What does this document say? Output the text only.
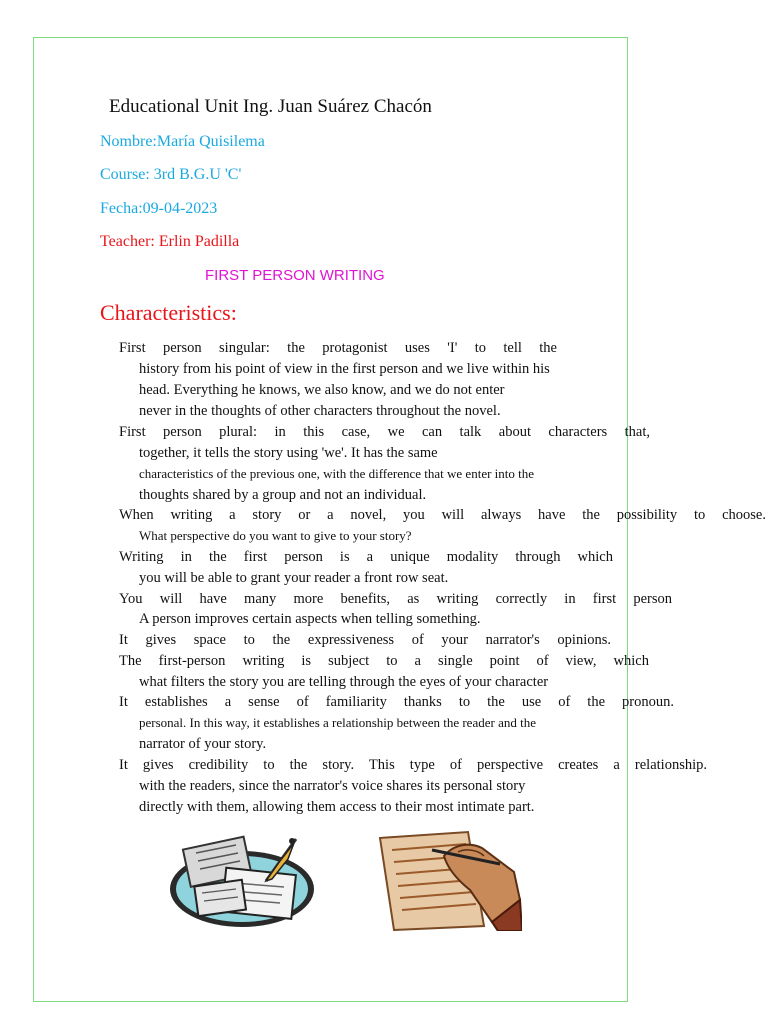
Educational Unit Ing. Juan Suárez Chacón
Nombre:María Quisilema
Course: 3rd B.G.U 'C'
Fecha:09-04-2023
Teacher: Erlin Padilla
FIRST PERSON WRITING
Characteristics:
First person singular: the protagonist uses 'I' to tell the
history from his point of view in the first person and we live within his
head. Everything he knows, we also know, and we do not enter
never in the thoughts of other characters throughout the novel.
First person plural: in this case, we can talk about characters that,
together, it tells the story using 'we'. It has the same
characteristics of the previous one, with the difference that we enter into the
thoughts shared by a group and not an individual.
When writing a story or a novel, you will always have the possibility to choose.
What perspective do you want to give to your story?
Writing in the first person is a unique modality through which
you will be able to grant your reader a front row seat.
You will have many more benefits, as writing correctly in first person
A person improves certain aspects when telling something.
It gives space to the expressiveness of your narrator's opinions.
The first-person writing is subject to a single point of view, which
what filters the story you are telling through the eyes of your character
It establishes a sense of familiarity thanks to the use of the pronoun.
personal. In this way, it establishes a relationship between the reader and the
narrator of your story.
It gives credibility to the story. This type of perspective creates a relationship.
with the readers, since the narrator's voice shares its personal story
directly with them, allowing them access to their most intimate part.
